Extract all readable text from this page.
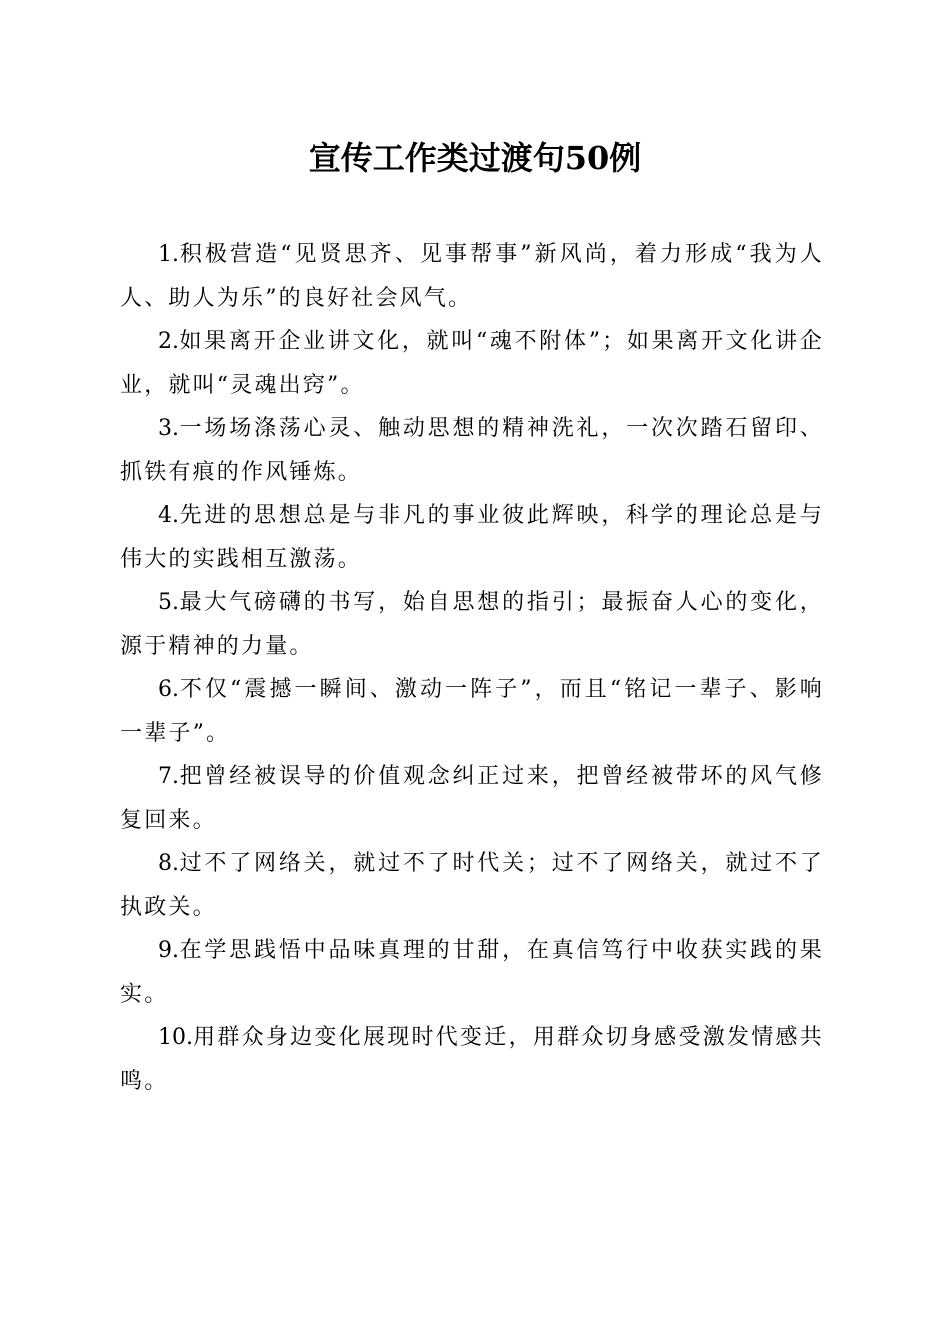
宣传工作类过渡句50例

1.积极营造“见贤思齐、见事帮事”新风尚，着力形成“我为人人、助人为乐”的良好社会风气。

2.如果离开企业讲文化，就叫“魂不附体”；如果离开文化讲企业，就叫“灵魂出窍”。

3.一场场涤荡心灵、触动思想的精神洗礼，一次次踏石留印、抓铁有痕的作风锤炼。

4.先进的思想总是与非凡的事业彼此辉映，科学的理论总是与伟大的实践相互激荡。

5.最大气磅礴的书写，始自思想的指引；最振奋人心的变化，源于精神的力量。

6.不仅“震撼一瞬间、激动一阵子”，而且“铭记一辈子、影响一辈子”。

7.把曾经被误导的价值观念纠正过来，把曾经被带坏的风气修复回来。

8.过不了网络关，就过不了时代关；过不了网络关，就过不了执政关。

9.在学思践悟中品味真理的甘甜，在真信笃行中收获实践的果实。

10.用群众身边变化展现时代变迁，用群众切身感受激发情感共鸣。
